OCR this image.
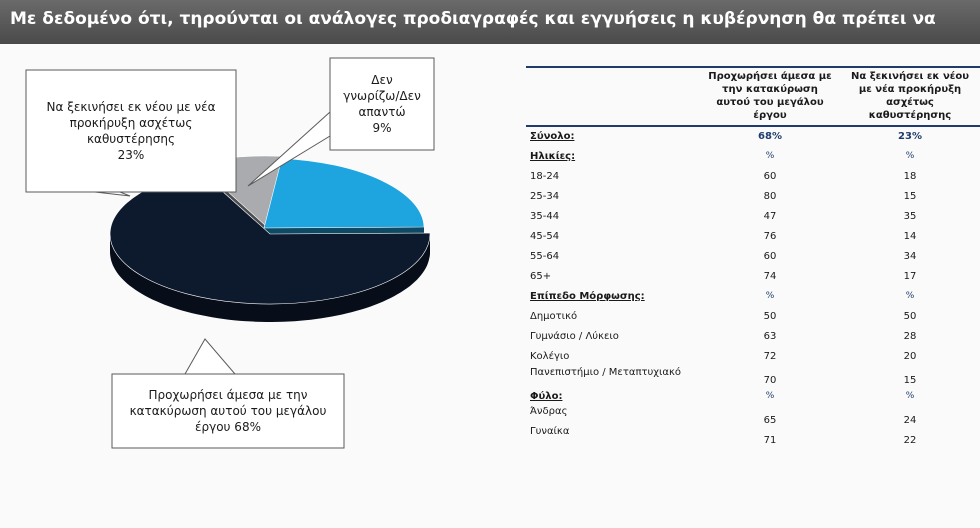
Με δεδομένο ότι, τηρούνται οι ανάλογες προδιαγραφές και εγγυήσεις η κυβέρνηση θα πρέπει να
Προχωρήσει άμεσα με την
κατακύρωση αυτού του μεγάλου
έργου 68%
Να ξεκινήσει εκ νέου με νέα
προκήρυξη ασχέτως
καθυστέρησης
23%
Δεν
γνωρίζω/Δεν
απαντώ
9%
	Προχωρήσει άμεσα με την κατακύρωση αυτού του μεγάλου έργου	Να ξεκινήσει εκ νέου με νέα προκήρυξη ασχέτως καθυστέρησης
Σύνολο:	68%	23%
Ηλικίες:	%	%
18-24	60	18
25-34	80	15
35-44	47	35
45-54	76	14
55-64	60	34
65+	74	17
Επίπεδο Μόρφωσης:	%	%
Δημοτικό	50	50
Γυμνάσιο / Λύκειο	63	28
Κολέγιο	72	20
Πανεπιστήμιο / Μεταπτυχιακό	70	15
Φύλο:	%	%
Άνδρας	65	24
Γυναίκα	71	22
